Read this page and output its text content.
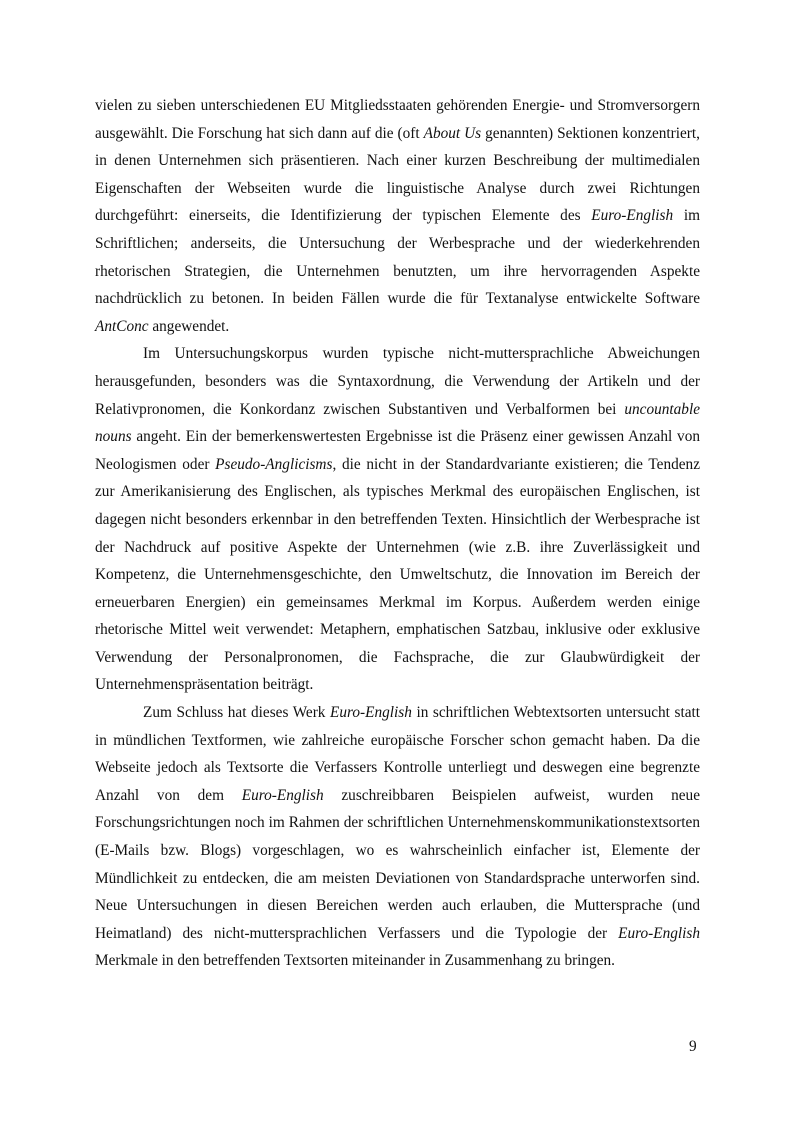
vielen zu sieben unterschiedenen EU Mitgliedsstaaten gehörenden Energie- und Stromversorgern ausgewählt. Die Forschung hat sich dann auf die (oft About Us genannten) Sektionen konzentriert, in denen Unternehmen sich präsentieren. Nach einer kurzen Beschreibung der multimedialen Eigenschaften der Webseiten wurde die linguistische Analyse durch zwei Richtungen durchgeführt: einerseits, die Identifizierung der typischen Elemente des Euro-English im Schriftlichen; anderseits, die Untersuchung der Werbesprache und der wiederkehrenden rhetorischen Strategien, die Unternehmen benutzten, um ihre hervorragenden Aspekte nachdrücklich zu betonen. In beiden Fällen wurde die für Textanalyse entwickelte Software AntConc angewendet.

Im Untersuchungskorpus wurden typische nicht-muttersprachliche Abweichungen herausgefunden, besonders was die Syntaxordnung, die Verwendung der Artikeln und der Relativpronomen, die Konkordanz zwischen Substantiven und Verbalformen bei uncountable nouns angeht. Ein der bemerkenswertesten Ergebnisse ist die Präsenz einer gewissen Anzahl von Neologismen oder Pseudo-Anglicisms, die nicht in der Standardvariante existieren; die Tendenz zur Amerikanisierung des Englischen, als typisches Merkmal des europäischen Englischen, ist dagegen nicht besonders erkennbar in den betreffenden Texten. Hinsichtlich der Werbesprache ist der Nachdruck auf positive Aspekte der Unternehmen (wie z.B. ihre Zuverlässigkeit und Kompetenz, die Unternehmensgeschichte, den Umweltschutz, die Innovation im Bereich der erneuerbaren Energien) ein gemeinsames Merkmal im Korpus. Außerdem werden einige rhetorische Mittel weit verwendet: Metaphern, emphatischen Satzbau, inklusive oder exklusive Verwendung der Personalpronomen, die Fachsprache, die zur Glaubwürdigkeit der Unternehmenspräsentation beiträgt.

Zum Schluss hat dieses Werk Euro-English in schriftlichen Webtextsorten untersucht statt in mündlichen Textformen, wie zahlreiche europäische Forscher schon gemacht haben. Da die Webseite jedoch als Textsorte die Verfassers Kontrolle unterliegt und deswegen eine begrenzte Anzahl von dem Euro-English zuschreibbaren Beispielen aufweist, wurden neue Forschungsrichtungen noch im Rahmen der schriftlichen Unternehmenskommunikationstextsorten (E-Mails bzw. Blogs) vorgeschlagen, wo es wahrscheinlich einfacher ist, Elemente der Mündlichkeit zu entdecken, die am meisten Deviationen von Standardsprache unterworfen sind. Neue Untersuchungen in diesen Bereichen werden auch erlauben, die Muttersprache (und Heimatland) des nicht-muttersprachlichen Verfassers und die Typologie der Euro-English Merkmale in den betreffenden Textsorten miteinander in Zusammenhang zu bringen.

9
